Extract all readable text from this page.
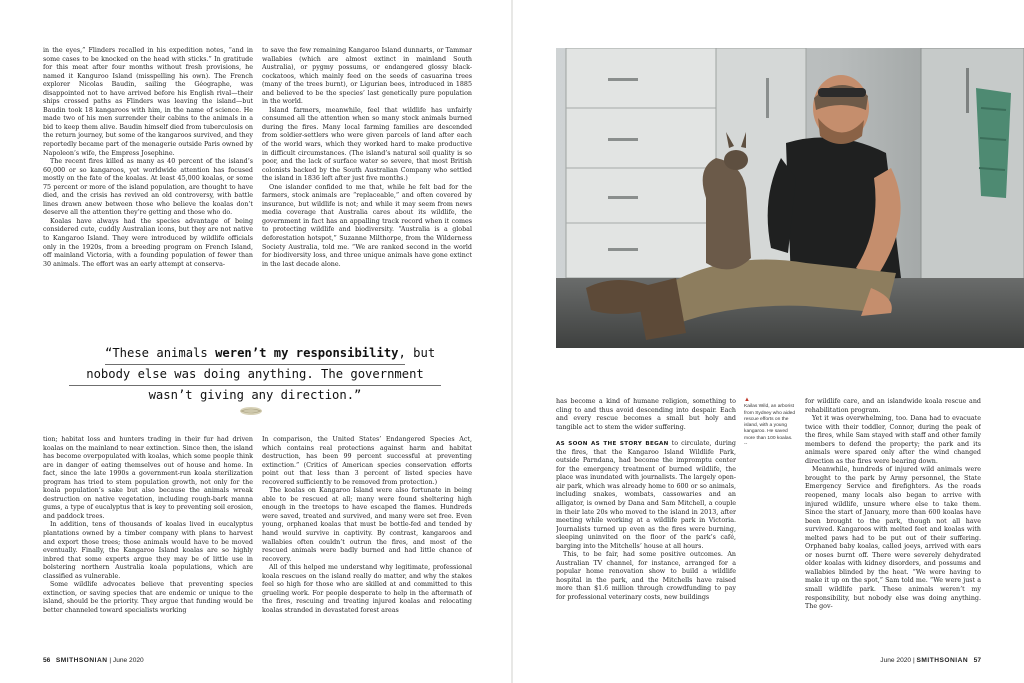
in the eyes,” Flinders recalled in his expedition notes, “and in some cases to be knocked on the head with sticks.” In gratitude for this meat after four months without fresh provisions, he named it Kanguroo Island (misspelling his own). The French explorer Nicolas Baudin, sailing the Géographe, was disappointed not to have arrived before his English rival—their ships crossed paths as Flinders was leaving the island—but Baudin took 18 kangaroos with him, in the name of science. He made two of his men surrender their cabins to the animals in a bid to keep them alive. Baudin himself died from tuberculosis on the return journey, but some of the kangaroos survived, and they reportedly became part of the menagerie outside Paris owned by Napoleon’s wife, the Empress Josephine.

The recent fires killed as many as 40 percent of the island’s 60,000 or so kangaroos, yet worldwide attention has focused mostly on the fate of the koalas. At least 45,000 koalas, or some 75 percent or more of the island population, are thought to have died, and the crisis has revived an old controversy, with battle lines drawn anew between those who believe the koalas don’t deserve all the attention they’re getting and those who do.

Koalas have always had the species advantage of being considered cute, cuddly Australian icons, but they are not native to Kangaroo Island. They were introduced by wildlife officials only in the 1920s, from a breeding program on French Island, off mainland Victoria, with a founding population of fewer than 30 animals. The effort was an early attempt at conserva-

to save the few remaining Kangaroo Island dunnarts, or Tammar wallabies (which are almost extinct in mainland South Australia), or pygmy possums, or endangered glossy black-cockatoos, which mainly feed on the seeds of casuarina trees (many of the trees burnt), or Ligurian bees, introduced in 1885 and believed to be the species’ last genetically pure population in the world.

Island farmers, meanwhile, feel that wildlife has unfairly consumed all the attention when so many stock animals burned during the fires. Many local farming families are descended from soldier-settlers who were given parcels of land after each of the world wars, which they worked hard to make productive in difficult circumstances. (The island’s natural soil quality is so poor, and the lack of surface water so severe, that most British colonists backed by the South Australian Company who settled the island in 1836 left after just five months.)

One islander confided to me that, while he felt bad for the farmers, stock animals are “replaceable,” and often covered by insurance, but wildlife is not; and while it may seem from news media coverage that Australia cares about its wildlife, the government in fact has an appalling track record when it comes to protecting wildlife and biodiversity. “Australia is a global deforestation hotspot,” Suzanne Milthorpe, from the Wilderness Society Australia, told me. “We are ranked second in the world for biodiversity loss, and three unique animals have gone extinct in the last decade alone.

“These animals weren’t my responsibility, but
nobody else was doing anything. The government
wasn’t giving any direction.”

tion; habitat loss and hunters trading in their fur had driven koalas on the mainland to near extinction. Since then, the island has become overpopulated with koalas, which some people think are in danger of eating themselves out of house and home. In fact, since the late 1990s a government-run koala sterilization program has tried to stem population growth, not only for the koala population’s sake but also because the animals wreak destruction on native vegetation, including rough-bark manna gums, a type of eucalyptus that is key to preventing soil erosion, and paddock trees.

In addition, tens of thousands of koalas lived in eucalyptus plantations owned by a timber company with plans to harvest and export those trees; those animals would have to be moved eventually. Finally, the Kangaroo Island koalas are so highly inbred that some experts argue they may be of little use in bolstering northern Australia koala populations, which are classified as vulnerable.

Some wildlife advocates believe that preventing species extinction, or saving species that are endemic or unique to the island, should be the priority. They argue that funding would be better channeled toward specialists working

In comparison, the United States’ Endangered Species Act, which contains real protections against harm and habitat destruction, has been 99 percent successful at preventing extinction.” (Critics of American species conservation efforts point out that less than 3 percent of listed species have recovered sufficiently to be removed from protection.)

The koalas on Kangaroo Island were also fortunate in being able to be rescued at all; many were found sheltering high enough in the treetops to have escaped the flames. Hundreds were saved, treated and survived, and many were set free. Even young, orphaned koalas that must be bottle-fed and tended by hand would survive in captivity. By contrast, kangaroos and wallabies often couldn’t outrun the fires, and most of the rescued animals were badly burned and had little chance of recovery.

All of this helped me understand why legitimate, professional koala rescues on the island really do matter, and why the stakes feel so high for those who are skilled at and committed to this grueling work. For people desperate to help in the aftermath of the fires, rescuing and treating injured koalas and relocating koalas stranded in devastated forest areas

56 SMITHSONIAN | June 2020

has become a kind of humane religion, something to cling to and thus avoid descending into despair. Each and every rescue becomes a small but holy and tangible act to stem the wider suffering.

AS SOON AS THE STORY BEGAN to circulate, during the fires, that the Kangaroo Island Wildlife Park, outside Parndana, had become the impromptu center for the emergency treatment of burned wildlife, the place was inundated with journalists. The largely open-air park, which was already home to 600 or so animals, including snakes, wombats, cassowaries and an alligator, is owned by Dana and Sam Mitchell, a couple in their late 20s who moved to the island in 2013, after meeting while working at a wildlife park in Victoria. Journalists turned up even as the fires were burning, sleeping uninvited on the floor of the park’s café, barging into the Mitchells’ house at all hours.

This, to be fair, had some positive outcomes. An Australian TV channel, for instance, arranged for a popular home renovation show to build a wildlife hospital in the park, and the Mitchells have raised more than $1.6 million through crowdfunding to pay for professional veterinary costs, new buildings

▲
Kailas Wild, an arborist from Sydney who aided rescue efforts on the island, with a young kangaroo. He saved more than 100 koalas.
--

for wildlife care, and an islandwide koala rescue and rehabilitation program.

Yet it was overwhelming, too. Dana had to evacuate twice with their toddler, Connor, during the peak of the fires, while Sam stayed with staff and other family members to defend the property; the park and its animals were spared only after the wind changed direction as the fires were bearing down.

Meanwhile, hundreds of injured wild animals were brought to the park by Army personnel, the State Emergency Service and firefighters. As the roads reopened, many locals also began to arrive with injured wildlife, unsure where else to take them. Since the start of January, more than 600 koalas have been brought to the park, though not all have survived. Kangaroos with melted feet and koalas with melted paws had to be put out of their suffering. Orphaned baby koalas, called joeys, arrived with ears or noses burnt off. There were severely dehydrated older koalas with kidney disorders, and possums and wallabies blinded by the heat. “We were having to make it up on the spot,” Sam told me. “We were just a small wildlife park. These animals weren’t my responsibility, but nobody else was doing anything. The gov-

June 2020 | SMITHSONIAN 57
